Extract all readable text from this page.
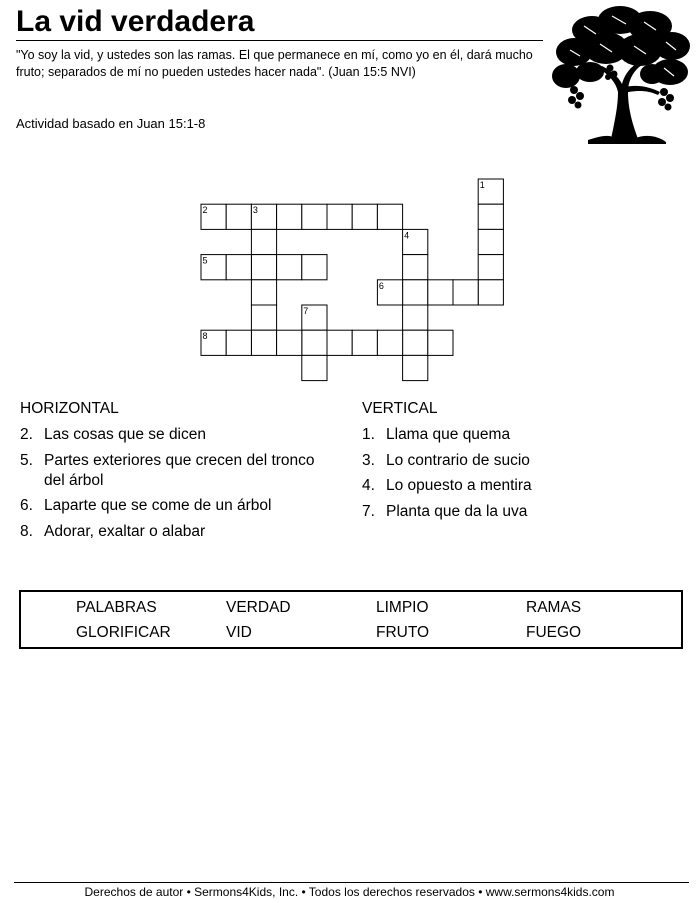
La vid verdadera
"Yo soy la vid, y ustedes son las ramas. El que permanece en mí, como yo en él, dará mucho fruto; separados de mí no pueden ustedes hacer nada". (Juan 15:5 NVI)
Actividad basado en Juan 15:1-8
1
2	3
4
5
6
7
8
HORIZONTAL
2. Las cosas que se dicen
5. Partes exteriores que crecen del tronco del árbol
6. Laparte que se come de un árbol
8. Adorar, exaltar o alabar
VERTICAL
1. Llama que quema
3. Lo contrario de sucio
4. Lo opuesto a mentira
7. Planta que da la uva
PALABRAS	VERDAD	LIMPIO	RAMAS
GLORIFICAR	VID	FRUTO	FUEGO
Derechos de autor • Sermons4Kids, Inc. • Todos los derechos reservados • www.sermons4kids.com
